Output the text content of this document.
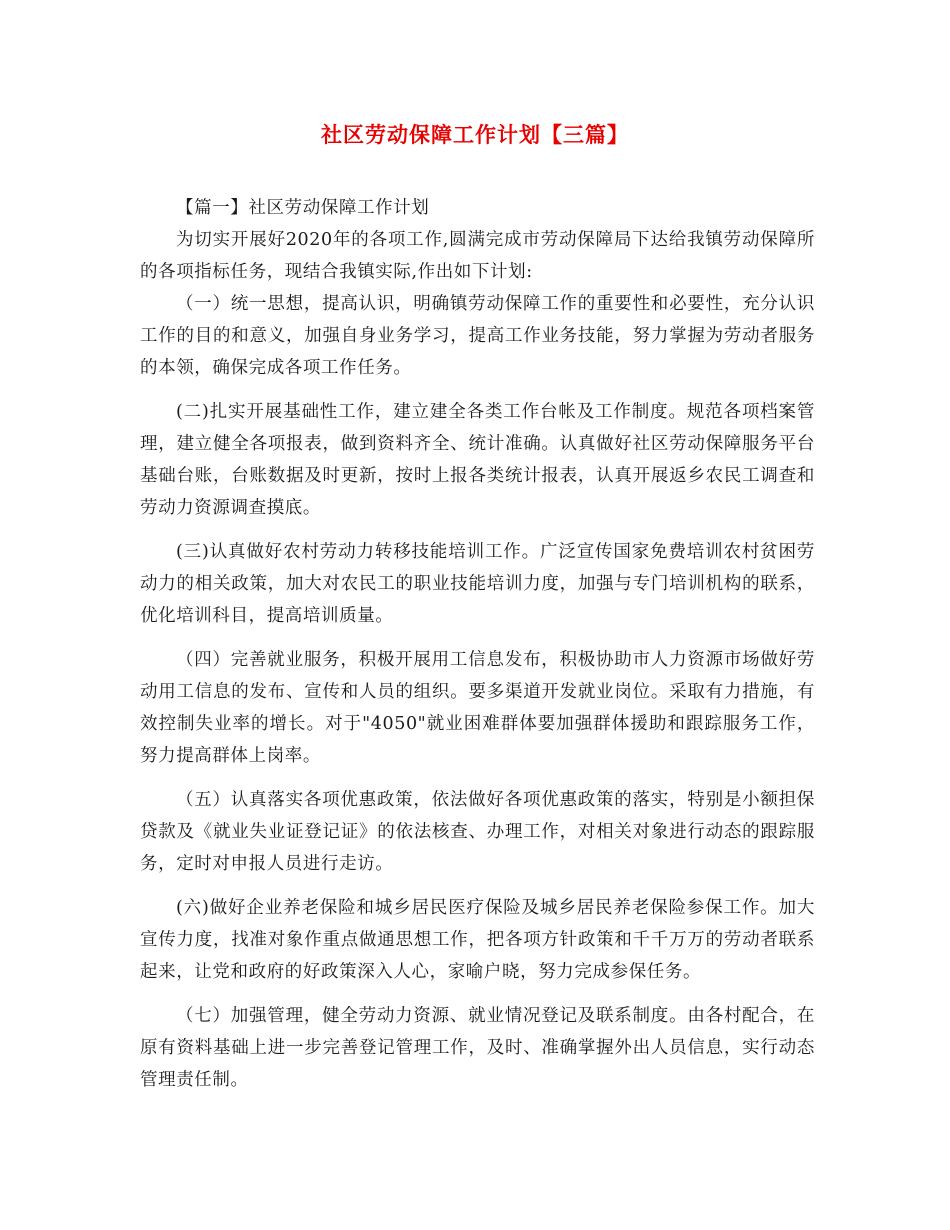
社区劳动保障工作计划【三篇】

【篇一】社区劳动保障工作计划

为切实开展好2020年的各项工作,圆满完成市劳动保障局下达给我镇劳动保障所的各项指标任务，现结合我镇实际,作出如下计划:

（一）统一思想，提高认识，明确镇劳动保障工作的重要性和必要性，充分认识工作的目的和意义，加强自身业务学习，提高工作业务技能，努力掌握为劳动者服务的本领，确保完成各项工作任务。

(二)扎实开展基础性工作，建立建全各类工作台帐及工作制度。规范各项档案管理，建立健全各项报表，做到资料齐全、统计准确。认真做好社区劳动保障服务平台基础台账，台账数据及时更新，按时上报各类统计报表，认真开展返乡农民工调查和劳动力资源调查摸底。

(三)认真做好农村劳动力转移技能培训工作。广泛宣传国家免费培训农村贫困劳动力的相关政策，加大对农民工的职业技能培训力度，加强与专门培训机构的联系，优化培训科目，提高培训质量。

（四）完善就业服务，积极开展用工信息发布，积极协助市人力资源市场做好劳动用工信息的发布、宣传和人员的组织。要多渠道开发就业岗位。采取有力措施，有效控制失业率的增长。对于"4050"就业困难群体要加强群体援助和跟踪服务工作，努力提高群体上岗率。

（五）认真落实各项优惠政策，依法做好各项优惠政策的落实，特别是小额担保贷款及《就业失业证登记证》的依法核查、办理工作，对相关对象进行动态的跟踪服务，定时对申报人员进行走访。

(六)做好企业养老保险和城乡居民医疗保险及城乡居民养老保险参保工作。加大宣传力度，找准对象作重点做通思想工作，把各项方针政策和千千万万的劳动者联系起来，让党和政府的好政策深入人心，家喻户晓，努力完成参保任务。

（七）加强管理，健全劳动力资源、就业情况登记及联系制度。由各村配合，在原有资料基础上进一步完善登记管理工作，及时、准确掌握外出人员信息，实行动态管理责任制。
